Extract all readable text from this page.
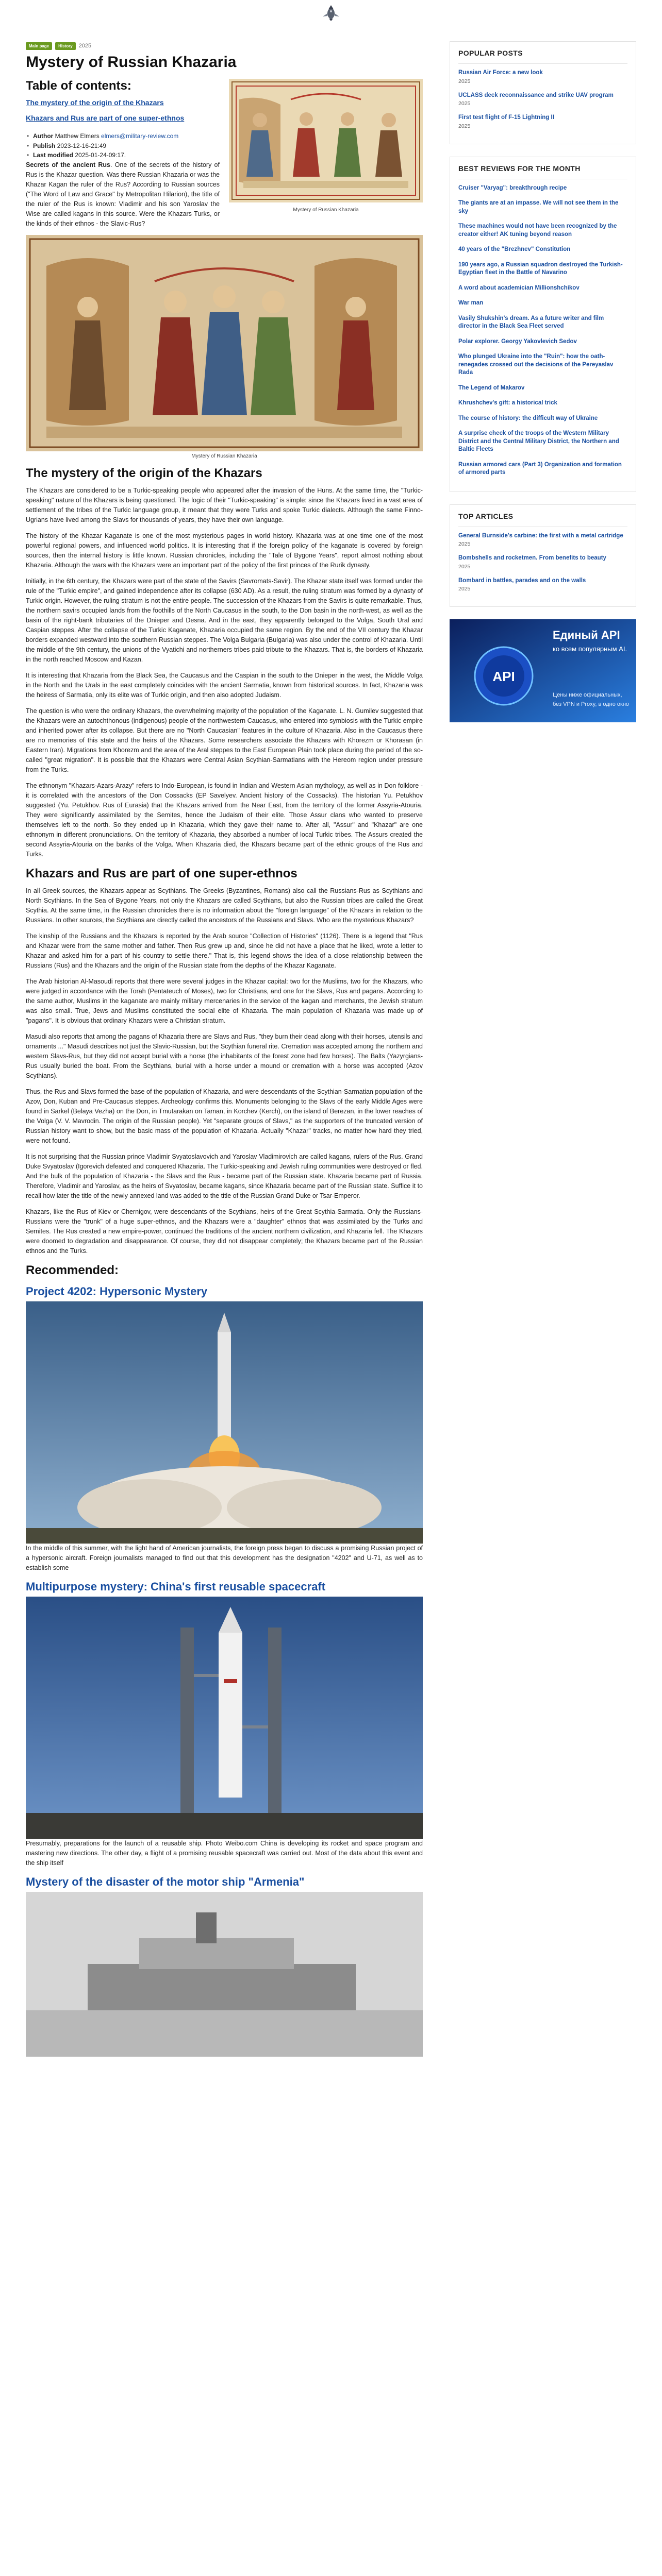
Main page	History	2025
Mystery of Russian Khazaria
Mystery of Russian Khazaria
Table of contents:
The mystery of the origin of the Khazars
Khazars and Rus are part of one super-ethnos
• Author Matthew Elmers elmers@military-review.com
• Publish 2023-12-16-21:49
• Last modified 2025-01-24-09:17.

Secrets of the ancient Rus. One of the secrets of the history of Rus is the Khazar question. Was there Russian Khazaria or was the Khazar Kagan the ruler of the Rus? According to Russian sources ("The Word of Law and Grace" by Metropolitan Hilarion), the title of the ruler of the Rus is known: Vladimir and his son Yaroslav the Wise are called kagans in this source. Were the Khazars Turks, or the kinds of their ethnos - the Slavic-Rus?

Mystery of Russian Khazaria
The mystery of the origin of the Khazars

The Khazars are considered to be a Turkic-speaking people who appeared after the invasion of the Huns. At the same time, the "Turkic-speaking" nature of the Khazars is being questioned. The logic of their "Turkic-speaking" is simple: since the Khazars lived in a vast area of settlement of the tribes of the Turkic language group, it meant that they were Turks and spoke Turkic dialects. Although the same Finno-Ugrians have lived among the Slavs for thousands of years, they have their own language.

The history of the Khazar Kaganate is one of the most mysterious pages in world history. Khazaria was at one time one of the most powerful regional powers, and influenced world politics. It is interesting that if the foreign policy of the kaganate is covered by foreign sources, then the internal history is little known. Russian chronicles, including the "Tale of Bygone Years", report almost nothing about Khazaria. Although the wars with the Khazars were an important part of the policy of the first princes of the Rurik dynasty.

Initially, in the 6th century, the Khazars were part of the state of the Savirs (Savromats-Savir). The Khazar state itself was formed under the rule of the "Turkic empire", and gained independence after its collapse (630 AD). As a result, the ruling stratum was formed by a dynasty of Turkic origin. However, the ruling stratum is not the entire people. The succession of the Khazars from the Savirs is quite remarkable. Thus, the northern savirs occupied lands from the foothills of the North Caucasus in the south, to the Don basin in the north-west, as well as the basin of the right-bank tributaries of the Dnieper and Desna. And in the east, they apparently belonged to the Volga, South Ural and Caspian steppes. After the collapse of the Turkic Kaganate, Khazaria occupied the same region. By the end of the VII century the Khazar borders expanded westward into the southern Russian steppes. The Volga Bulgaria (Bulgaria) was also under the control of Khazaria. Until the middle of the 9th century, the unions of the Vyatichi and northerners tribes paid tribute to the Khazars. That is, the borders of Khazaria in the north reached Moscow and Kazan.

It is interesting that Khazaria from the Black Sea, the Caucasus and the Caspian in the south to the Dnieper in the west, the Middle Volga in the North and the Urals in the east completely coincides with the ancient Sarmatia, known from historical sources. In fact, Khazaria was the heiress of Sarmatia, only its elite was of Turkic origin, and then also adopted Judaism.

The question is who were the ordinary Khazars, the overwhelming majority of the population of the Kaganate. L. N. Gumilev suggested that the Khazars were an autochthonous (indigenous) people of the northwestern Caucasus, who entered into symbiosis with the Turkic empire and inherited power after its collapse. But there are no "North Caucasian" features in the culture of Khazaria. Also in the Caucasus there are no memories of this state and the heirs of the Khazars. Some researchers associate the Khazars with Khorezm or Khorasan (in Eastern Iran). Migrations from Khorezm and the area of the Aral steppes to the East European Plain took place during the period of the so-called "great migration". It is possible that the Khazars were Central Asian Scythian-Sarmatians with the Hereom region under pressure from the Turks.

The ethnonym "Khazars-Azars-Arazy" refers to Indo-European, is found in Indian and Western Asian mythology, as well as in Don folklore - it is correlated with the ancestors of the Don Cossacks (EP Savelyev. Ancient history of the Cossacks). The historian Yu. Petukhov suggested (Yu. Petukhov. Rus of Eurasia) that the Khazars arrived from the Near East, from the territory of the former Assyria-Atouria. They were significantly assimilated by the Semites, hence the Judaism of their elite. Those Assur clans who wanted to preserve themselves left to the north. So they ended up in Khazaria, which they gave their name to. After all, "Assur" and "Khazar" are one ethnonym in different pronunciations. On the territory of Khazaria, they absorbed a number of local Turkic tribes. The Assurs created the second Assyria-Atouria on the banks of the Volga. When Khazaria died, the Khazars became part of the ethnic groups of the Rus and Turks.

Khazars and Rus are part of one super-ethnos

In all Greek sources, the Khazars appear as Scythians. The Greeks (Byzantines, Romans) also call the Russians-Rus as Scythians and North Scythians. In the Sea of Bygone Years, not only the Khazars are called Scythians, but also the Russian tribes are called the Great Scythia. At the same time, in the Russian chronicles there is no information about the "foreign language" of the Khazars in relation to the Russians. In other sources, the Scythians are directly called the ancestors of the Russians and Slavs. Who are the mysterious Khazars?

The kinship of the Russians and the Khazars is reported by the Arab source "Collection of Histories" (1126). There is a legend that "Rus and Khazar were from the same mother and father. Then Rus grew up and, since he did not have a place that he liked, wrote a letter to Khazar and asked him for a part of his country to settle there." That is, this legend shows the idea of a close relationship between the Russians (Rus) and the Khazars and the origin of the Russian state from the depths of the Khazar Kaganate.

The Arab historian Al-Masoudi reports that there were several judges in the Khazar capital: two for the Muslims, two for the Khazars, who were judged in accordance with the Torah (Pentateuch of Moses), two for Christians, and one for the Slavs, Rus and pagans. According to the same author, Muslims in the kaganate are mainly military mercenaries in the service of the kagan and merchants, the Jewish stratum was also small. True, Jews and Muslims constituted the social elite of Khazaria. The main population of Khazaria was made up of "pagans". It is obvious that ordinary Khazars were a Christian stratum.

Masudi also reports that among the pagans of Khazaria there are Slavs and Rus, "they burn their dead along with their horses, utensils and ornaments ..." Masudi describes not just the Slavic-Russian, but the Scythian funeral rite. Cremation was accepted among the northern and western Slavs-Rus, but they did not accept burial with a horse (the inhabitants of the forest zone had few horses). The Balts (Yazyrgians-Rus usually buried the boat. From the Scythians, burial with a horse under a mound or cremation with a horse was accepted (Azov Scythians).

Thus, the Rus and Slavs formed the base of the population of Khazaria, and were descendants of the Scythian-Sarmatian population of the Azov, Don, Kuban and Pre-Caucasus steppes. Archeology confirms this. Monuments belonging to the Slavs of the early Middle Ages were found in Sarkel (Belaya Vezha) on the Don, in Tmutarakan on Taman, in Korchev (Kerch), on the island of Berezan, in the lower reaches of the Volga (V. V. Mavrodin. The origin of the Russian people). Yet "separate groups of Slavs," as the supporters of the truncated version of Russian history want to show, but the basic mass of the population of Khazaria. Actually "Khazar" tracks, no matter how hard they tried, were not found.

It is not surprising that the Russian prince Vladimir Svyatoslavovich and Yaroslav Vladimirovich are called kagans, rulers of the Rus. Grand Duke Svyatoslav (Igorevich defeated and conquered Khazaria. The Turkic-speaking and Jewish ruling communities were destroyed or fled. And the bulk of the population of Khazaria - the Slavs and the Rus - became part of the Russian state. Khazaria became part of Russia. Therefore, Vladimir and Yaroslav, as the heirs of Svyatoslav, became kagans, since Khazaria became part of the Russian state. Suffice it to recall how later the title of the newly annexed land was added to the title of the Russian Grand Duke or Tsar-Emperor.

Khazars, like the Rus of Kiev or Chernigov, were descendants of the Scythians, heirs of the Great Scythia-Sarmatia. Only the Russians-Russians were the "trunk" of a huge super-ethnos, and the Khazars were a "daughter" ethnos that was assimilated by the Turks and Semites. The Rus created a new empire-power, continued the traditions of the ancient northern civilization, and Khazaria fell. The Khazars were doomed to degradation and disappearance. Of course, they did not disappear completely; the Khazars became part of the Russian ethnos and the Turks.

Recommended:
Project 4202: Hypersonic Mystery

In the middle of this summer, with the light hand of American journalists, the foreign press began to discuss a promising Russian project of a hypersonic aircraft. Foreign journalists managed to find out that this development has the designation "4202" and U-71, as well as to establish some

Multipurpose mystery: China's first reusable spacecraft

Presumably, preparations for the launch of a reusable ship. Photo Weibo.com China is developing its rocket and space program and mastering new directions. The other day, a flight of a promising reusable spacecraft was carried out. Most of the data about this event and the ship itself

Mystery of the disaster of the motor ship "Armenia"
POPULAR POSTS
Russian Air Force: a new look
2025
UCLASS deck reconnaissance and strike UAV program
2025
First test flight of F-15 Lightning II
2025
BEST REVIEWS FOR THE MONTH
Cruiser "Varyag": breakthrough recipe
The giants are at an impasse. We will not see them in the sky
These machines would not have been recognized by the creator either! AK tuning beyond reason
40 years of the "Brezhnev" Constitution
190 years ago, a Russian squadron destroyed the Turkish-Egyptian fleet in the Battle of Navarino
A word about academician Millionshchikov
War man
Vasily Shukshin's dream. As a future writer and film director in the Black Sea Fleet served
Polar explorer. Georgy Yakovlevich Sedov
Who plunged Ukraine into the "Ruin": how the oath-renegades crossed out the decisions of the Pereyaslav Rada
The Legend of Makarov
Khrushchev's gift: a historical trick
The course of history: the difficult way of Ukraine
A surprise check of the troops of the Western Military District and the Central Military District, the Northern and Baltic Fleets
Russian armored cars (Part 3) Organization and formation of armored parts
TOP ARTICLES
General Burnside's carbine: the first with a metal cartridge
2025
Bombshells and rocketmen. From benefits to beauty
2025
Bombard in battles, parades and on the walls
2025
Единый API
ко всем популярным AI.
API
Цены ниже официальных,
без VPN и Proxy, в одно окно
